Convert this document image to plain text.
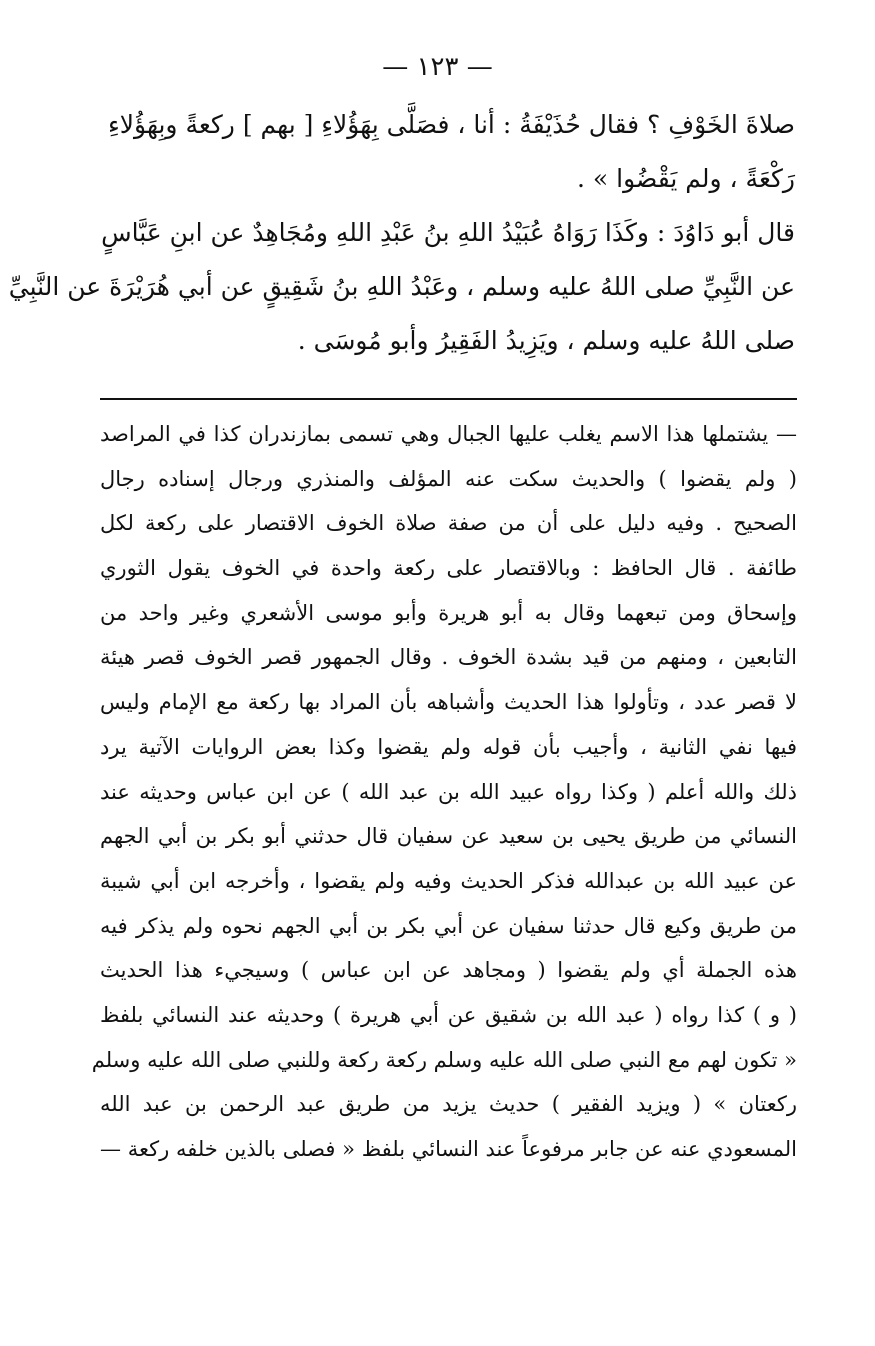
— ١٢٣ —
صلاةَ الخَوْفِ ؟ فقال حُذَيْفَةُ : أنا ، فصَلَّى بِهَؤُلاءِ [ بهم ] ركعةً وبِهَؤُلاءِ
رَكْعَةً ، ولم يَقْضُوا » .
قال أبو دَاوُدَ : وكَذَا رَوَاهُ عُبَيْدُ اللهِ بنُ عَبْدِ اللهِ ومُجَاهِدٌ عن ابنِ عَبَّاسٍ
عن النَّبِيِّ صلى اللهُ عليه وسلم ، وعَبْدُ اللهِ بنُ شَقِيقٍ عن أبي هُرَيْرَةَ عن النَّبِيِّ
صلى اللهُ عليه وسلم ، ويَزِيدُ الفَقِيرُ وأبو مُوسَى .
— يشتملها هذا الاسم يغلب عليها الجبال وهي تسمى بمازندران كذا في المراصد
( ولم يقضوا ) والحديث سكت عنه المؤلف والمنذري ورجال إسناده رجال
الصحيح . وفيه دليل على أن من صفة صلاة الخوف الاقتصار على ركعة لكل
طائفة . قال الحافظ : وبالاقتصار على ركعة واحدة في الخوف يقول الثوري
وإسحاق ومن تبعهما وقال به أبو هريرة وأبو موسى الأشعري وغير واحد من
التابعين ، ومنهم من قيد بشدة الخوف . وقال الجمهور قصر الخوف قصر هيئة
لا قصر عدد ، وتأولوا هذا الحديث وأشباهه بأن المراد بها ركعة مع الإمام وليس
فيها نفي الثانية ، وأجيب بأن قوله ولم يقضوا وكذا بعض الروايات الآتية يرد
ذلك والله أعلم ( وكذا رواه عبيد الله بن عبد الله ) عن ابن عباس وحديثه عند
النسائي من طريق يحيى بن سعيد عن سفيان قال حدثني أبو بكر بن أبي الجهم
عن عبيد الله بن عبدالله فذكر الحديث وفيه ولم يقضوا ، وأخرجه ابن أبي شيبة
من طريق وكيع قال حدثنا سفيان عن أبي بكر بن أبي الجهم نحوه ولم يذكر فيه
هذه الجملة أي ولم يقضوا ( ومجاهد عن ابن عباس ) وسيجيء هذا الحديث
( و ) كذا رواه ( عبد الله بن شقيق عن أبي هريرة ) وحديثه عند النسائي بلفظ
« تكون لهم مع النبي صلى الله عليه وسلم ركعة ركعة وللنبي صلى الله عليه وسلم
ركعتان » ( ويزيد الفقير ) حديث يزيد من طريق عبد الرحمن بن عبد الله
المسعودي عنه عن جابر مرفوعاً عند النسائي بلفظ « فصلى بالذين خلفه ركعة —
